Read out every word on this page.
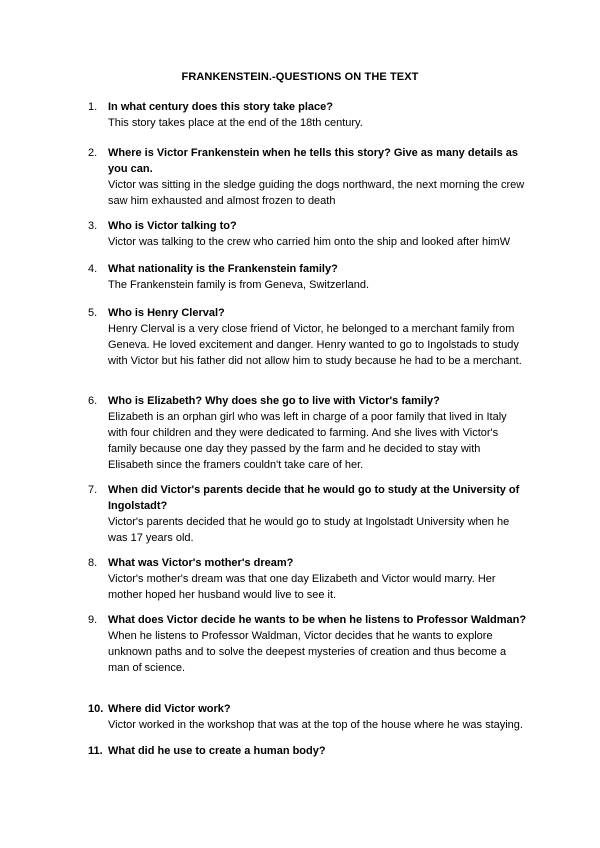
FRANKENSTEIN.-QUESTIONS ON THE TEXT
1. In what century does this story take place?
This story takes place at the end of the 18th century.
2. Where is Victor Frankenstein when he tells this story? Give as many details as you can.
Victor was sitting in the sledge guiding the dogs northward, the next morning the crew saw him exhausted and almost frozen to death
3. Who is Victor talking to?
Victor was talking to the crew who carried him onto the ship and looked after himW
4. What nationality is the Frankenstein family?
The Frankenstein family is from Geneva, Switzerland.
5. Who is Henry Clerval?
Henry Clerval is a very close friend of Victor, he belonged to a merchant family from Geneva. He loved excitement and danger. Henry wanted to go to Ingolstads to study with Victor but his father did not allow him to study because he had to be a merchant.
6. Who is Elizabeth? Why does she go to live with Victor's family?
Elizabeth is an orphan girl who was left in charge of a poor family that lived in Italy with four children and they were dedicated to farming. And she lives with Victor's family because one day they passed by the farm and he decided to stay with Elisabeth since the framers couldn't take care of her.
7. When did Victor's parents decide that he would go to study at the University of Ingolstadt?
Victor's parents decided that he would go to study at Ingolstadt University when he was 17 years old.
8. What was Victor's mother's dream?
Victor's mother's dream was that one day Elizabeth and Victor would marry. Her mother hoped her husband would live to see it.
9. What does Victor decide he wants to be when he listens to Professor Waldman?
When he listens to Professor Waldman, Victor decides that he wants to explore unknown paths and to solve the deepest mysteries of creation and thus become a man of science.
10. Where did Victor work?
Victor worked in the workshop that was at the top of the house where he was staying.
11. What did he use to create a human body?
